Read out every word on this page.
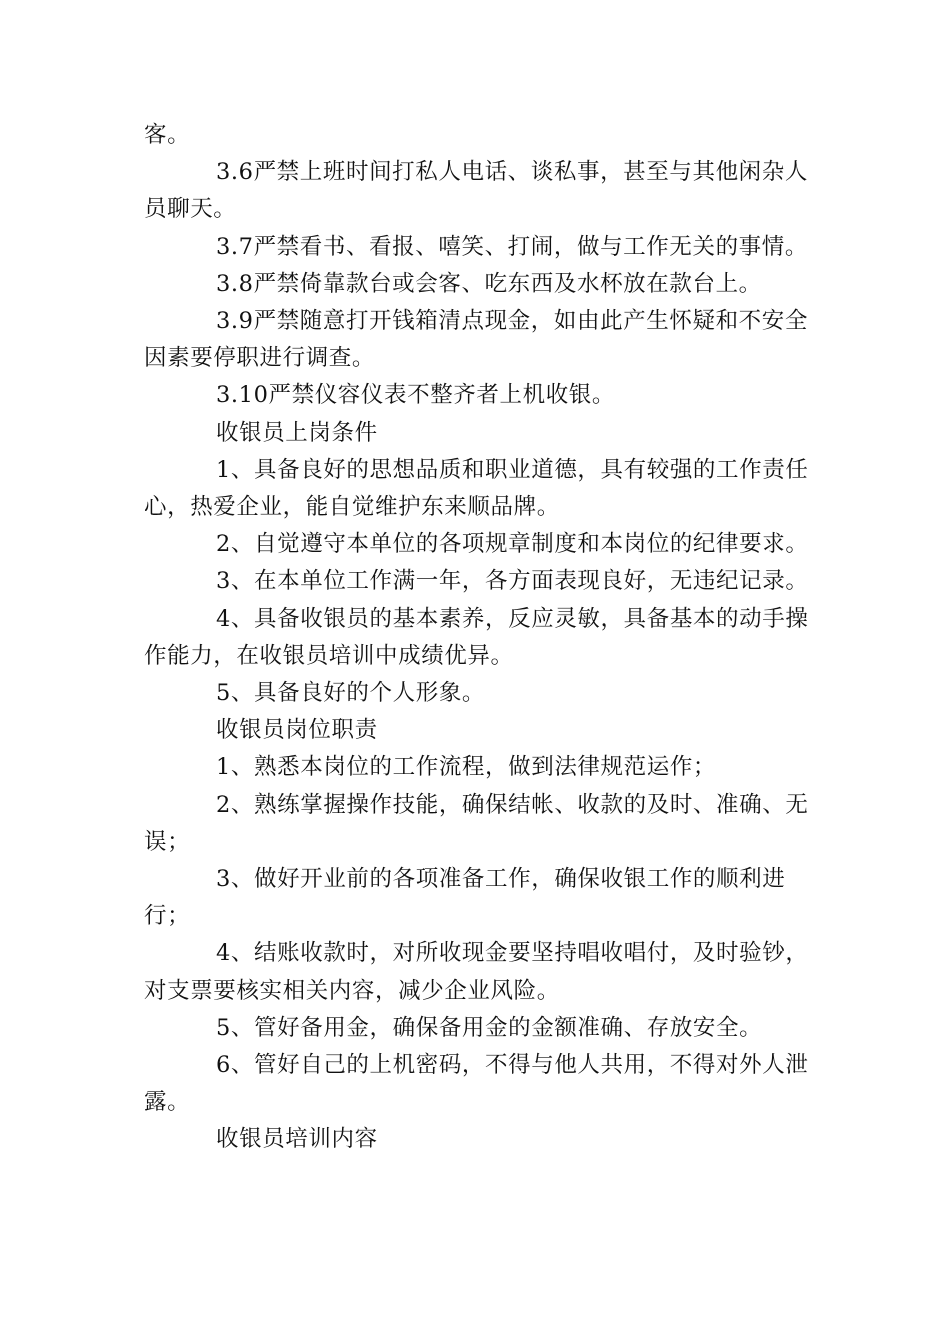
客。

3.6严禁上班时间打私人电话、谈私事，甚至与其他闲杂人员聊天。

3.7严禁看书、看报、嘻笑、打闹，做与工作无关的事情。

3.8严禁倚靠款台或会客、吃东西及水杯放在款台上。

3.9严禁随意打开钱箱清点现金，如由此产生怀疑和不安全因素要停职进行调查。

3.10严禁仪容仪表不整齐者上机收银。

收银员上岗条件

1、具备良好的思想品质和职业道德，具有较强的工作责任心，热爱企业，能自觉维护东来顺品牌。

2、自觉遵守本单位的各项规章制度和本岗位的纪律要求。

3、在本单位工作满一年，各方面表现良好，无违纪记录。

4、具备收银员的基本素养，反应灵敏，具备基本的动手操作能力，在收银员培训中成绩优异。

5、具备良好的个人形象。

收银员岗位职责

1、熟悉本岗位的工作流程，做到法律规范运作；

2、熟练掌握操作技能，确保结帐、收款的及时、准确、无误；

3、做好开业前的各项准备工作，确保收银工作的顺利进行；

4、结账收款时，对所收现金要坚持唱收唱付，及时验钞，对支票要核实相关内容，减少企业风险。

5、管好备用金，确保备用金的金额准确、存放安全。

6、管好自己的上机密码，不得与他人共用，不得对外人泄露。

收银员培训内容
